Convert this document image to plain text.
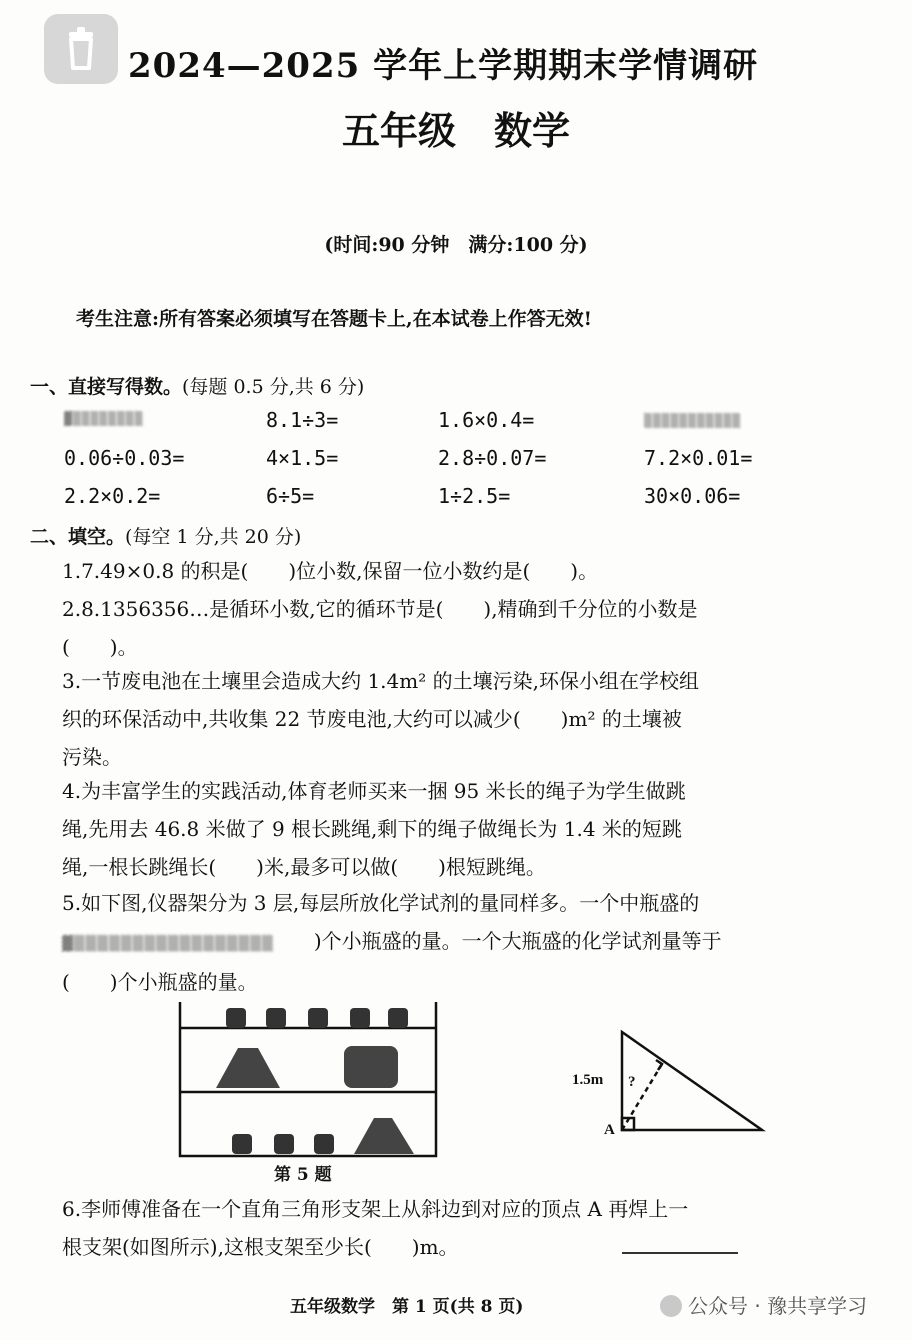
2024—2025 学年上学期期末学情调研
五年级　数学
(时间:90 分钟　满分:100 分)
考生注意:所有答案必须填写在答题卡上,在本试卷上作答无效!
一、直接写得数。(每题 0.5 分,共 6 分)
▓▒▒▒▒▒▒▒▒	8.1÷3=	1.6×0.4=	▒▒▒▒▒▒▒▒▒▒▒
0.06÷0.03=	4×1.5=	2.8÷0.07=	7.2×0.01=
2.2×0.2=	6÷5=	1÷2.5=	30×0.06=
二、填空。(每空 1 分,共 20 分)

1.7.49×0.8 的积是(　　)位小数,保留一位小数约是(　　)。

2.8.1356356…是循环小数,它的循环节是(　　),精确到千分位的小数是

(　　)。

3.一节废电池在土壤里会造成大约 1.4m² 的土壤污染,环保小组在学校组

织的环保活动中,共收集 22 节废电池,大约可以减少(　　)m² 的土壤被

污染。

4.为丰富学生的实践活动,体育老师买来一捆 95 米长的绳子为学生做跳

绳,先用去 46.8 米做了 9 根长跳绳,剩下的绳子做绳长为 1.4 米的短跳

绳,一根长跳绳长(　　)米,最多可以做(　　)根短跳绳。

5.如下图,仪器架分为 3 层,每层所放化学试剂的量同样多。一个中瓶盛的

▓▒▒▒▒▒▒▒▒▒▒▒▒▒▒▒▒▒　　 )个小瓶盛的量。一个大瓶盛的化学试剂量等于

(　　)个小瓶盛的量。

第 5 题
1.5m ?
A

6.李师傅准备在一个直角三角形支架上从斜边到对应的顶点 A 再焊上一

根支架(如图所示),这根支架至少长(　　)m。

五年级数学　第 1 页(共 8 页)	公众号 · 豫共享学习
